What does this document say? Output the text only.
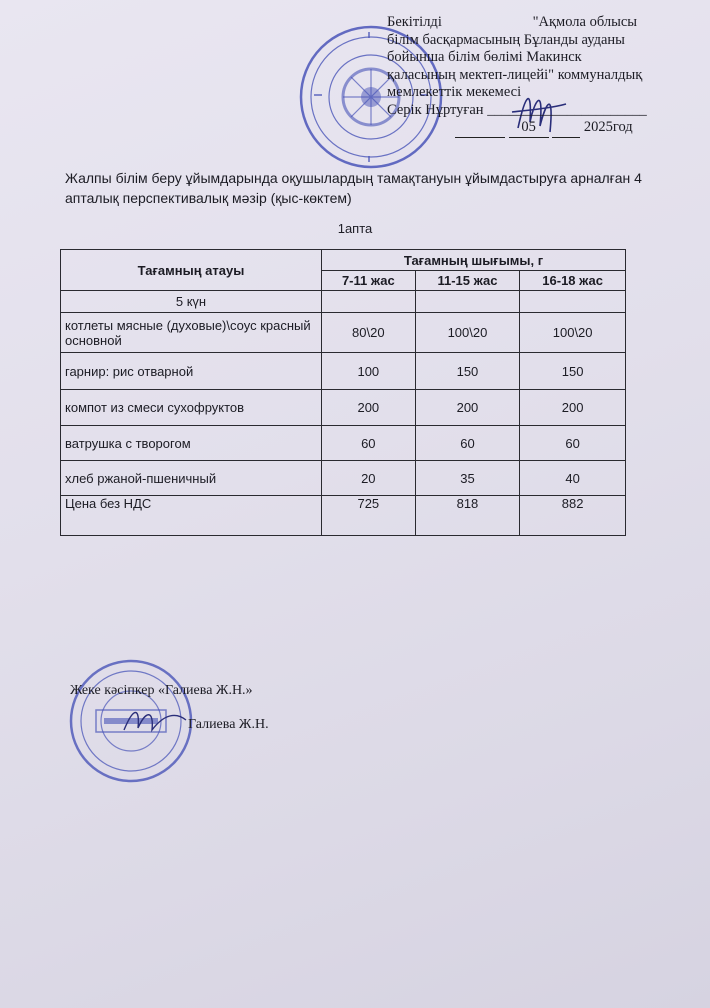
Бекітілді	"Ақмола облысы
білім басқармасының Бұланды ауданы
бойынша білім бөлімі Макинск
қаласының мектеп-лицейі" коммуналдық
мемлекеттік мекемесі
Серік Нұртуған ______________________
05	2025год
Жалпы білім беру ұйымдарында оқушылардың тамақтануын ұйымдастыруға арналған 4 апталық перспективалық мәзір (қыс-көктем)
1апта
Тағамның атауы	Тағамның шығымы, г		
	7-11 жас	11-15 жас	16-18 жас
5 күн			
котлеты мясные (духовые)\соус красный основной	80\20	100\20	100\20
гарнир: рис отварной	100	150	150
компот из смеси сухофруктов	200	200	200
ватрушка с творогом	60	60	60
хлеб ржаной-пшеничный	20	35	40
Цена без НДС	725	818	882
Жеке кәсіпкер «Галиева Ж.Н.»
Галиева Ж.Н.
